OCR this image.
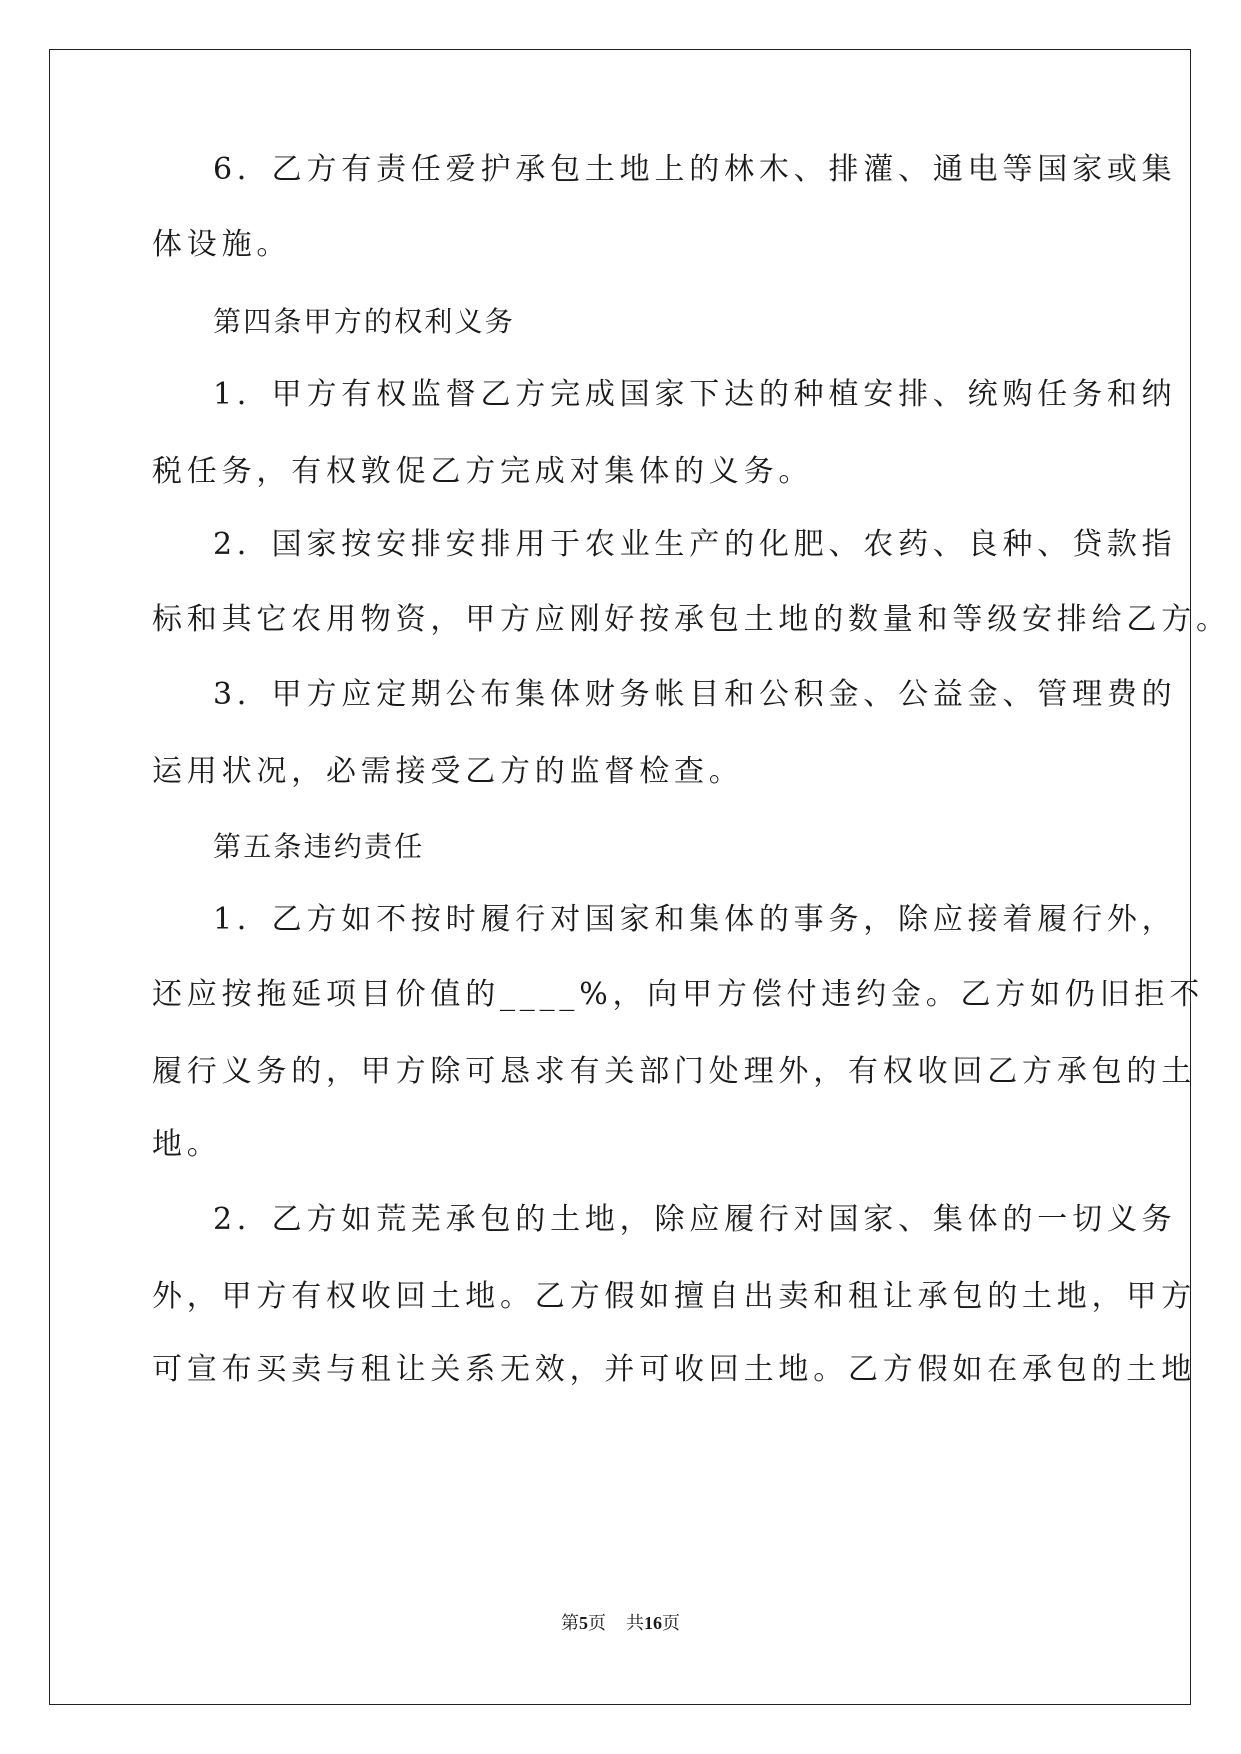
6．乙方有责任爱护承包土地上的林木、排灌、通电等国家或集
体设施。
第四条甲方的权利义务
1．甲方有权监督乙方完成国家下达的种植安排、统购任务和纳
税任务，有权敦促乙方完成对集体的义务。
2．国家按安排安排用于农业生产的化肥、农药、良种、贷款指
标和其它农用物资，甲方应刚好按承包土地的数量和等级安排给乙方。
3．甲方应定期公布集体财务帐目和公积金、公益金、管理费的
运用状况，必需接受乙方的监督检查。
第五条违约责任
1．乙方如不按时履行对国家和集体的事务，除应接着履行外，
还应按拖延项目价值的____%，向甲方偿付违约金。乙方如仍旧拒不
履行义务的，甲方除可恳求有关部门处理外，有权收回乙方承包的土
地。
2．乙方如荒芜承包的土地，除应履行对国家、集体的一切义务
外，甲方有权收回土地。乙方假如擅自出卖和租让承包的土地，甲方
可宣布买卖与租让关系无效，并可收回土地。乙方假如在承包的土地
第5页 共16页
